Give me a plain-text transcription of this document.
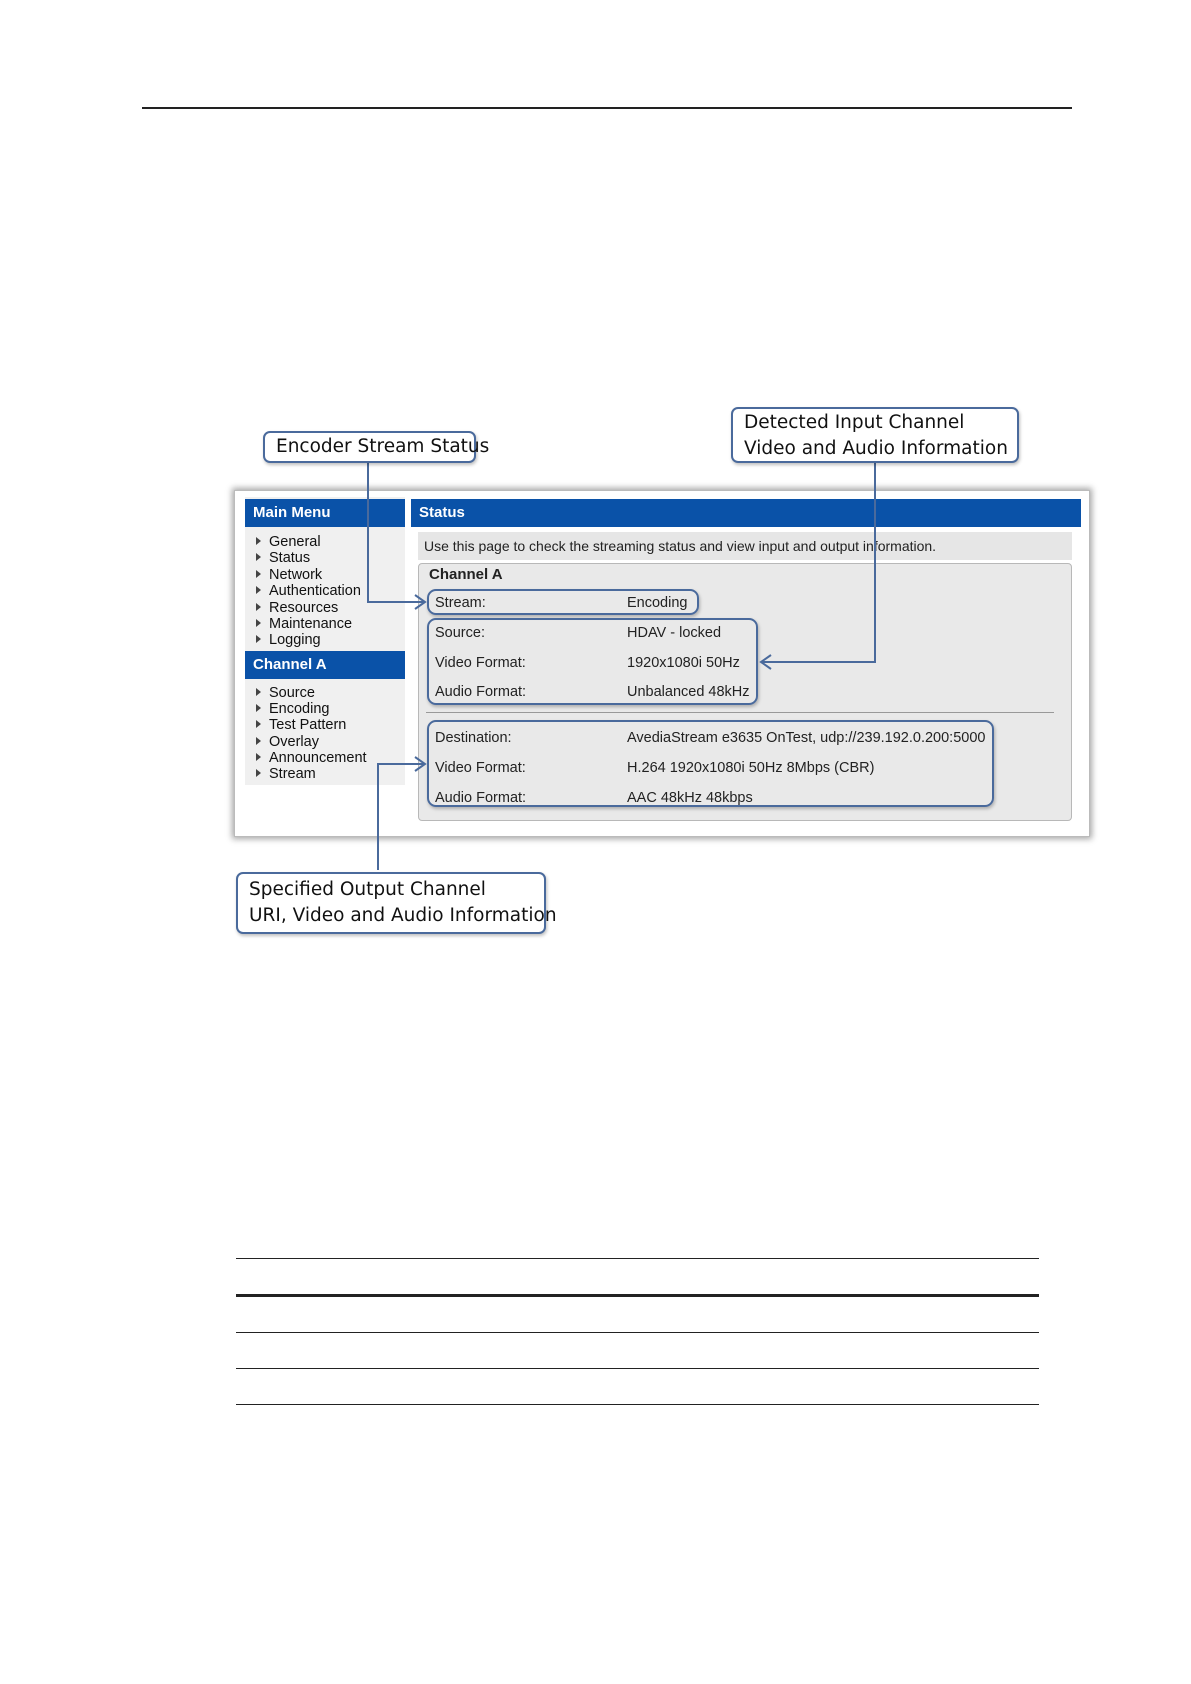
Main Menu
General
Status
Network
Authentication
Resources
Maintenance
Logging
Channel A
Source
Encoding
Test Pattern
Overlay
Announcement
Stream
Status
Use this page to check the streaming status and view input and output information.
Channel A
Stream:	Encoding
Source:	HDAV - locked
Video Format:	1920x1080i 50Hz
Audio Format:	Unbalanced 48kHz
Destination:	AvediaStream e3635 OnTest, udp://239.192.0.200:5000
Video Format:	H.264 1920x1080i 50Hz 8Mbps (CBR)
Audio Format:	AAC 48kHz 48kbps
Encoder Stream Status
Detected Input Channel
Video and Audio Information
Specified Output Channel
URI, Video and Audio Information
